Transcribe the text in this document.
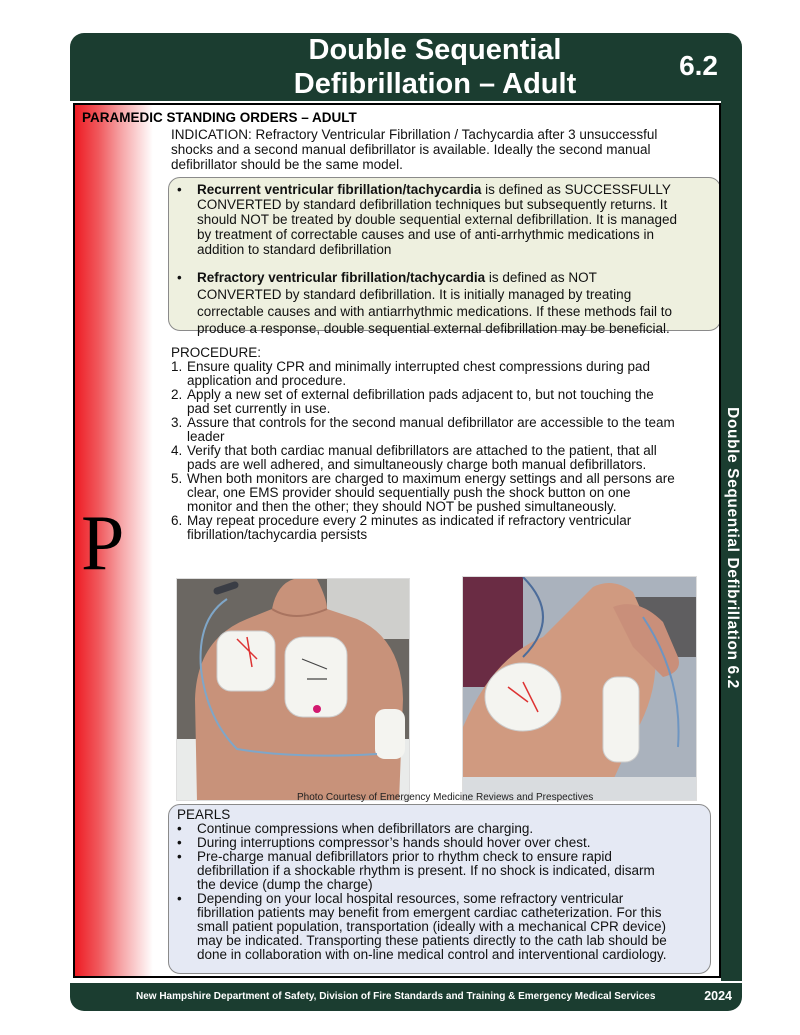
Double Sequential
Defibrillation – Adult
6.2
Double Sequential Defibrillation 6.2
P
PARAMEDIC STANDING ORDERS – ADULT
INDICATION: Refractory Ventricular Fibrillation / Tachycardia after 3 unsuccessful
shocks and a second manual defibrillator is available. Ideally the second manual
defibrillator should be the same model.
• Recurrent ventricular fibrillation/tachycardia is defined as SUCCESSFULLY
CONVERTED by standard defibrillation techniques but subsequently returns. It
should NOT be treated by double sequential external defibrillation. It is managed
by treatment of correctable causes and use of anti-arrhythmic medications in
addition to standard defibrillation
• Refractory ventricular fibrillation/tachycardia is defined as NOT
CONVERTED by standard defibrillation. It is initially managed by treating
correctable causes and with antiarrhythmic medications. If these methods fail to
produce a response, double sequential external defibrillation may be beneficial.
PROCEDURE:
1. Ensure quality CPR and minimally interrupted chest compressions during pad
application and procedure.
2. Apply a new set of external defibrillation pads adjacent to, but not touching the
pad set currently in use.
3. Assure that controls for the second manual defibrillator are accessible to the team
leader
4. Verify that both cardiac manual defibrillators are attached to the patient, that all
pads are well adhered, and simultaneously charge both manual defibrillators.
5. When both monitors are charged to maximum energy settings and all persons are
clear, one EMS provider should sequentially push the shock button on one
monitor and then the other; they should NOT be pushed simultaneously.
6. May repeat procedure every 2 minutes as indicated if refractory ventricular
fibrillation/tachycardia persists
Photo Courtesy of Emergency Medicine Reviews and Prespectives
PEARLS
• Continue compressions when defibrillators are charging.
• During interruptions compressor’s hands should hover over chest.
• Pre-charge manual defibrillators prior to rhythm check to ensure rapid
defibrillation if a shockable rhythm is present. If no shock is indicated, disarm
the device (dump the charge)
• Depending on your local hospital resources, some refractory ventricular
fibrillation patients may benefit from emergent cardiac catheterization. For this
small patient population, transportation (ideally with a mechanical CPR device)
may be indicated. Transporting these patients directly to the cath lab should be
done in collaboration with on-line medical control and interventional cardiology.
New Hampshire Department of Safety, Division of Fire Standards and Training & Emergency Medical Services	2024
